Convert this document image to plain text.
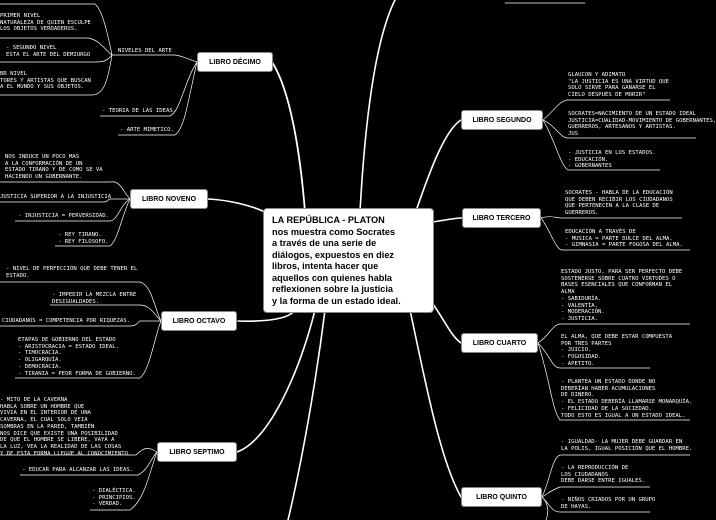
LA REPÚBLICA - PLATON
nos muestra como Socrates
a través de una serie de
diálogos, expuestos en diez
libros, intenta hacer que
aquellos con quienes habla
reflexionen sobre la justicia
y la forma de un estado ideal.
LIBRO DÉCIMO
NIVELES DEL ARTE
PRIMER NIVEL
NATURALEZA DE QUIEN ESCULPE
LOS OBJETOS VERDADEROS.
- SEGUNDO NIVEL
ESTA EL ARTE DEL DEMIURGO
BR NIVEL
TORES Y ARTISTAS QUE BUSCAN
A EL MUNDO Y SUS OBJETOS.
- TEORIA DE LAS IDEAS.
- ARTE MIMETICO.
LIBRO NOVENO
NOS INDUCE UN POCO MAS
A LA CONFORMACIÓN DE UN
ESTADO TIRANO Y DE COMO SE VA
HACIENDO UN GOBERNANTE.
JUSTICIA SUPERIOR A LA INJUSTICIA
- INJUSTICIA = PERVERSIDAD.
- REY TIRANO.
- REY FILOSOFO.
LIBRO OCTAVO
- NIVEL DE PERFECCIÓN QUE DEBE TENER EL
ESTADO.
- IMPEDIR LA MEZCLA ENTRE
DESIGUALDADES.
CIUDADANOS = COMPETENCIA POR RIQUEZAS.
ETAPAS DE GOBIERNO DEL ESTADO
- ARISTOCRACIA = ESTADO IDEAL.
- TIMOCRACIA.
- OLIGARQUÍA.
- DEMOCRACIA.
- TIRANIA = PEOR FORMA DE GOBIERNO.
LIBRO SEPTIMO
- MITO DE LA CAVERNA
HABLA SOBRE UN HOMBRE QUE
VIVIA EN EL INTERIOR DE UNA
CAVERNA, EL CUAL SOLO VEIA
SOMBRAS EN LA PARED, TAMBIÉN
NOS DICE QUE EXISTE UNA POSIBILIDAD
DE QUE EL HOMBRE SE LIBERE, VAYA A
LA LUZ, VEA LA REALIDAD DE LAS COSAS
Y DE ESTA FORMA LLEGUE AL CONOCIMIENTO.
- EDUCAR PARA ALCANZAR LAS IDEAS.
- DIALÉCTICA.
- PRINCIPIOS.
- VERDAD.
LIBRO SEGUNDO
GLAUCON Y ADIMATO
"LA JUSTICIA ES UNA VIRTUD QUE
SOLO SIRVE PARA GANARSE EL
CIELO DESPUÉS DE MORIR"
SOCRATES=NACIMIENTO DE UN ESTADO IDEAL
JUSTICIA=CUALIDAD-MOVIMIENTO DE GOBERNANTES,
GUERREROS, ARTESANOS Y ARTISTAS.
JUS
- JUSTICIA EN LOS ESTADOS.
- EDUCACIÓN.
- GOBERNANTES
LIBRO TERCERO
SOCRATES - HABLA DE LA EDUCACIÓN
QUE DEBEN RECIBIR LOS CIUDADANOS
QUE PERTENECEN A LA CLASE DE
GUERREROS.
EDUCACIÓN A TRAVÉS DE
- MUSICA = PARTE DULCE DEL ALMA.
- GIMNASIA = PARTE FOGOSA DEL ALMA.
LIBRO CUARTO
ESTADO JUSTO, PARA SER PERFECTO DEBE
SOSTENERSE SOBRE CUATRO VIRTUDES O
BASES ESENCIALES QUE CONFORMAN EL
ALMA
- SABIDURÍA.
- VALENTÍA.
- MODERACIÓN.
- JUSTICIA.
EL ALMA, QUE DEBE ESTAR COMPUESTA
POR TRES PARTES
- JUICIO.
- FOGOSIDAD.
- APETITO.
- PLANTEA UN ESTADO DONDE NO
DEBERÍAN HABER ACUMULACIONES
DE DINERO.
- EL ESTADO DEBERÍA LLAMARSE MONARQUÍA.
- FELICIDAD DE LA SOCIEDAD.
TODO ESTO ES IGUAL A UN ESTADO IDEAL.
LIBRO QUINTO
- IGUALDAD- LA MUJER DEBE GUARDAR EN
LA POLIS, IGUAL POSICIÓN QUE EL HOMBRE.
- LA REPRODUCCIÓN DE
LOS CIUDADANOS
DEBE DARSE ENTRE IGUALES.
- NIÑOS CRIADOS POR UN GRUPO
DE HAYAS.
